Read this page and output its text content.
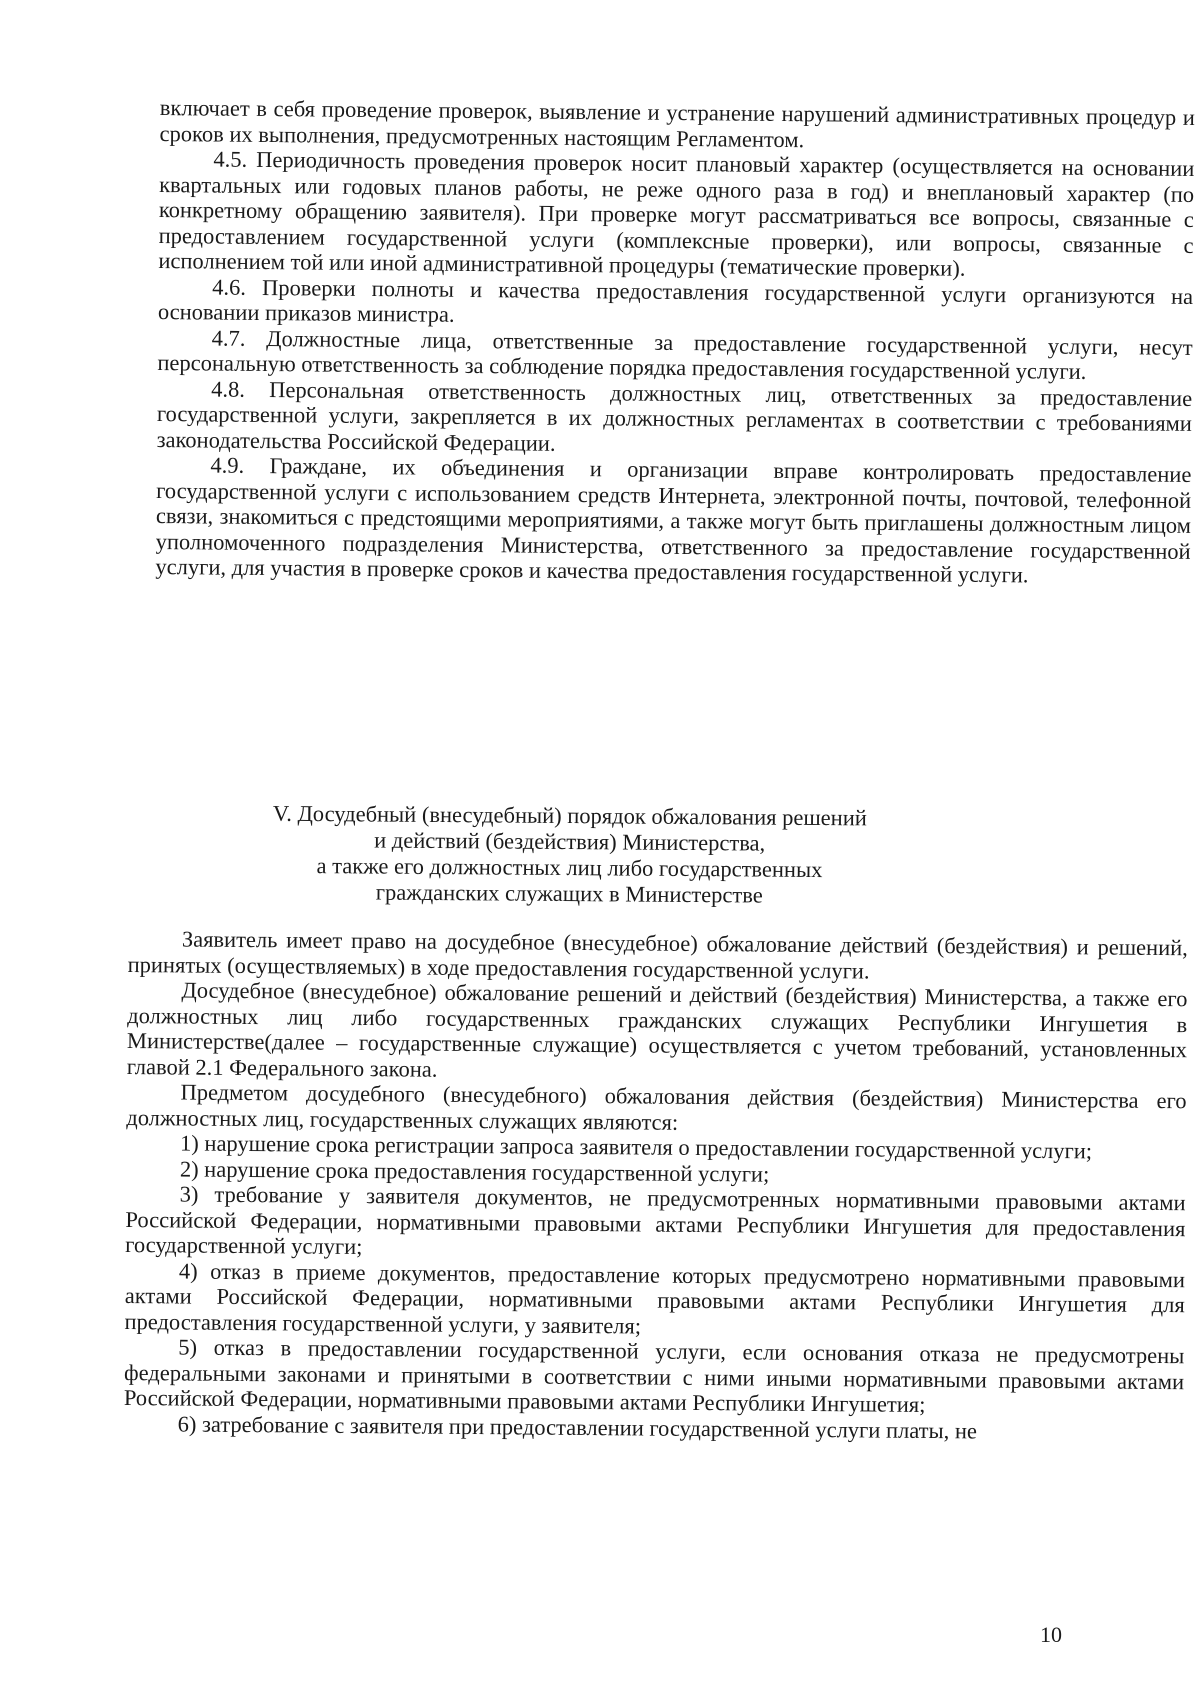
включает в себя проведение проверок, выявление и устранение нарушений административных процедур и сроков их выполнения, предусмотренных настоящим Регламентом.

4.5. Периодичность проведения проверок носит плановый характер (осуществляется на основании квартальных или годовых планов работы, не реже одного раза в год) и внеплановый характер (по конкретному обращению заявителя). При проверке могут рассматриваться все вопросы, связанные с предоставлением государственной услуги (комплексные проверки), или вопросы, связанные с исполнением той или иной административной процедуры (тематические проверки).

4.6. Проверки полноты и качества предоставления государственной услуги организуются на основании приказов министра.

4.7. Должностные лица, ответственные за предоставление государственной услуги, несут персональную ответственность за соблюдение порядка предоставления государственной услуги.

4.8. Персональная ответственность должностных лиц, ответственных за предоставление государственной услуги, закрепляется в их должностных регламентах в соответствии с требованиями законодательства Российской Федерации.

4.9. Граждане, их объединения и организации вправе контролировать предоставление государственной услуги с использованием средств Интернета, электронной почты, почтовой, телефонной связи, знакомиться с предстоящими мероприятиями, а также могут быть приглашены должностным лицом уполномоченного подразделения Министерства, ответственного за предоставление государственной услуги, для участия в проверке сроков и качества предоставления государственной услуги.

V. Досудебный (внесудебный) порядок обжалования решений
и действий (бездействия) Министерства,
а также его должностных лиц либо государственных
гражданских служащих в Министерстве

Заявитель имеет право на досудебное (внесудебное) обжалование действий (бездействия) и решений, принятых (осуществляемых) в ходе предоставления государственной услуги.

Досудебное (внесудебное) обжалование решений и действий (бездействия) Министерства, а также его должностных лиц либо государственных гражданских служащих Республики Ингушетия в Министерстве(далее – государственные служащие) осуществляется с учетом требований, установленных главой 2.1 Федерального закона.

Предметом досудебного (внесудебного) обжалования действия (бездействия) Министерства его должностных лиц, государственных служащих являются:

1) нарушение срока регистрации запроса заявителя о предоставлении государственной услуги;

2) нарушение срока предоставления государственной услуги;

3) требование у заявителя документов, не предусмотренных нормативными правовыми актами Российской Федерации, нормативными правовыми актами Республики Ингушетия для предоставления государственной услуги;

4) отказ в приеме документов, предоставление которых предусмотрено нормативными правовыми актами Российской Федерации, нормативными правовыми актами Республики Ингушетия для предоставления государственной услуги, у заявителя;

5) отказ в предоставлении государственной услуги, если основания отказа не предусмотрены федеральными законами и принятыми в соответствии с ними иными нормативными правовыми актами Российской Федерации, нормативными правовыми актами Республики Ингушетия;

6) затребование с заявителя при предоставлении государственной услуги платы, не

10
